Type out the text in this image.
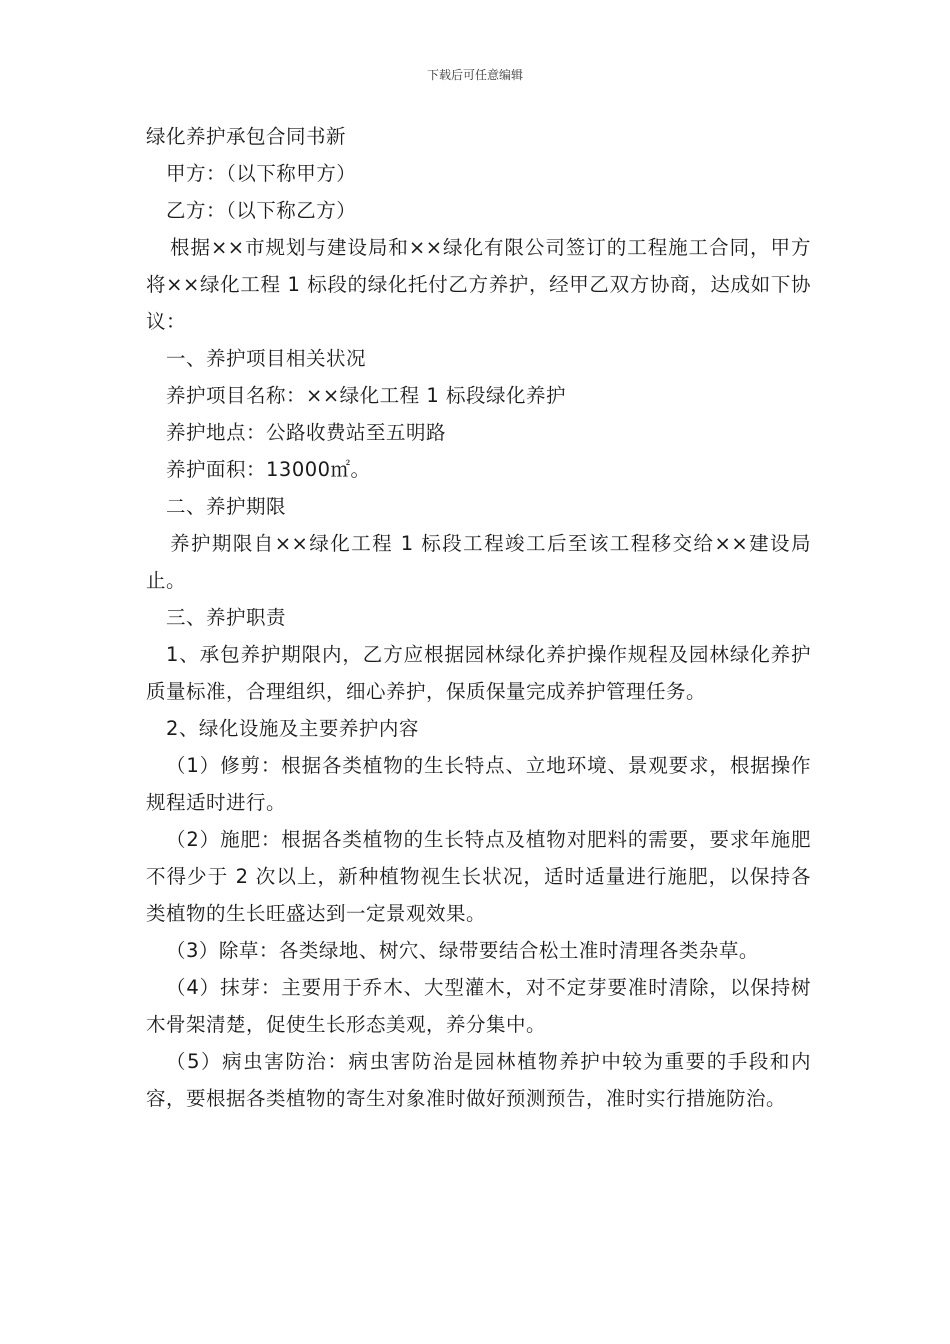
下载后可任意编辑

绿化养护承包合同书新

甲方：（以下称甲方）

乙方：（以下称乙方）

根据××市规划与建设局和××绿化有限公司签订的工程施工合同，甲方将××绿化工程 1 标段的绿化托付乙方养护，经甲乙双方协商，达成如下协议：

一、养护项目相关状况

养护项目名称：××绿化工程 1 标段绿化养护

养护地点：公路收费站至五明路

养护面积：13000㎡。

二、养护期限

养护期限自××绿化工程 1 标段工程竣工后至该工程移交给××建设局止。

三、养护职责

1、承包养护期限内，乙方应根据园林绿化养护操作规程及园林绿化养护质量标准，合理组织，细心养护，保质保量完成养护管理任务。

2、绿化设施及主要养护内容

（1）修剪：根据各类植物的生长特点、立地环境、景观要求，根据操作规程适时进行。

（2）施肥：根据各类植物的生长特点及植物对肥料的需要，要求年施肥不得少于 2 次以上，新种植物视生长状况，适时适量进行施肥，以保持各类植物的生长旺盛达到一定景观效果。

（3）除草：各类绿地、树穴、绿带要结合松土准时清理各类杂草。

（4）抹芽：主要用于乔木、大型灌木，对不定芽要准时清除，以保持树木骨架清楚，促使生长形态美观，养分集中。

（5）病虫害防治：病虫害防治是园林植物养护中较为重要的手段和内容，要根据各类植物的寄生对象准时做好预测预告，准时实行措施防治。
